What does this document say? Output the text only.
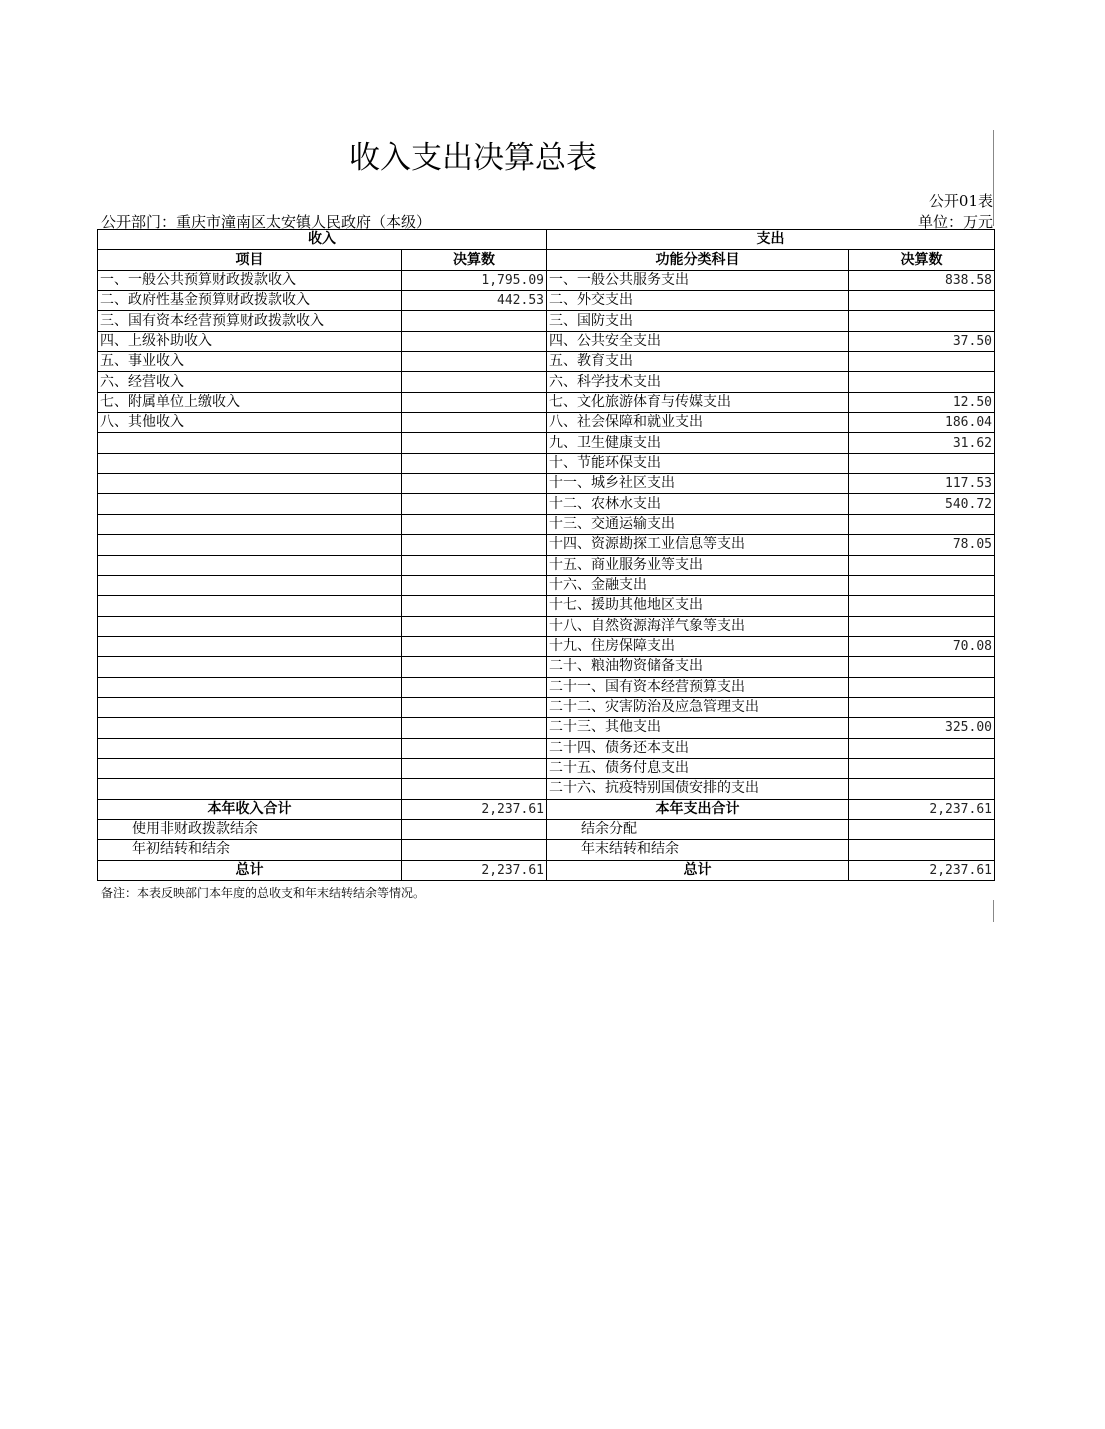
收入支出决算总表
公开01表
公开部门：重庆市潼南区太安镇人民政府（本级）	单位：万元
收入		支出	
项目	决算数	功能分类科目	决算数
一、一般公共预算财政拨款收入	1,795.09	一、一般公共服务支出	838.58
二、政府性基金预算财政拨款收入	442.53	二、外交支出	
三、国有资本经营预算财政拨款收入		三、国防支出	
四、上级补助收入		四、公共安全支出	37.50
五、事业收入		五、教育支出	
六、经营收入		六、科学技术支出	
七、附属单位上缴收入		七、文化旅游体育与传媒支出	12.50
八、其他收入		八、社会保障和就业支出	186.04
		九、卫生健康支出	31.62
		十、节能环保支出	
		十一、城乡社区支出	117.53
		十二、农林水支出	540.72
		十三、交通运输支出	
		十四、资源勘探工业信息等支出	78.05
		十五、商业服务业等支出	
		十六、金融支出	
		十七、援助其他地区支出	
		十八、自然资源海洋气象等支出	
		十九、住房保障支出	70.08
		二十、粮油物资储备支出	
		二十一、国有资本经营预算支出	
		二十二、灾害防治及应急管理支出	
		二十三、其他支出	325.00
		二十四、债务还本支出	
		二十五、债务付息支出	
		二十六、抗疫特别国债安排的支出	
本年收入合计	2,237.61	本年支出合计	2,237.61
使用非财政拨款结余		结余分配	
年初结转和结余		年末结转和结余	
总计	2,237.61	总计	2,237.61
备注：本表反映部门本年度的总收支和年末结转结余等情况。
